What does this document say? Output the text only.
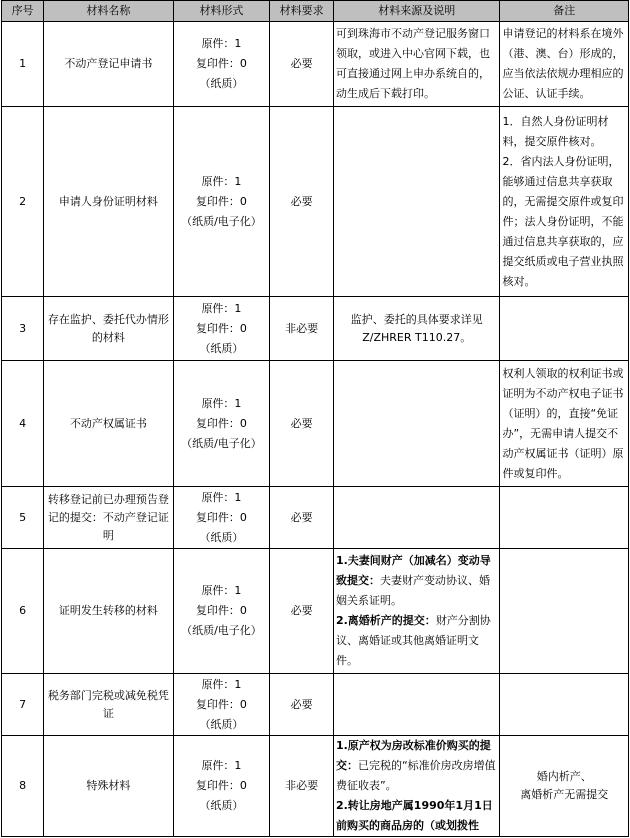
序号	材料名称	材料形式	材料要求	材料来源及说明	备注
1	不动产登记申请书	原件：1
复印件：0
（纸质）	必要	可到珠海市不动产登记服务窗口领取，或进入中心官网下载，也可直接通过网上申办系统自的，动生成后下载打印。	申请登记的材料系在境外（港、澳、台）形成的，应当依法依规办理相应的公证、认证手续。
2	申请人身份证明材料	原件：1
复印件：0
（纸质/电子化）	必要		1．自然人身份证明材料，提交原件核对。
2．省内法人身份证明，能够通过信息共享获取的，无需提交原件或复印件；法人身份证明，不能通过信息共享获取的，应提交纸质或电子营业执照核对。

3	存在监护、委托代办情形的材料	原件：1
复印件：0
（纸质）	非必要	监护、委托的具体要求详见Z/ZHRER T110.27。	
4	不动产权属证书	原件：1
复印件：0
（纸质/电子化）	必要		权利人领取的权利证书或证明为不动产权电子证书（证明）的，直接“免证办”，无需申请人提交不动产权属证书（证明）原件或复印件。
5	转移登记前已办理预告登记的提交：不动产登记证明	原件：1
复印件：0
（纸质）	必要		
6	证明发生转移的材料	原件：1
复印件：0
（纸质/电子化）	必要	1.夫妻间财产（加减名）变动导致提交：夫妻财产变动协议、婚姻关系证明。
2.离婚析产的提交：财产分割协议、离婚证或其他离婚证明文件。	

7	税务部门完税或减免税凭证	原件：1
复印件：0
（纸质）	必要		
8	特殊材料	原件：1
复印件：0
（纸质）	非必要	1.原产权为房改标准价购买的提交：已完税的“标准价房改房增值费征收表”。
2.转让房地产属1990年1月1日前购买的商品房的（或划拨性	婚内析产、
离婚析产无需提交
